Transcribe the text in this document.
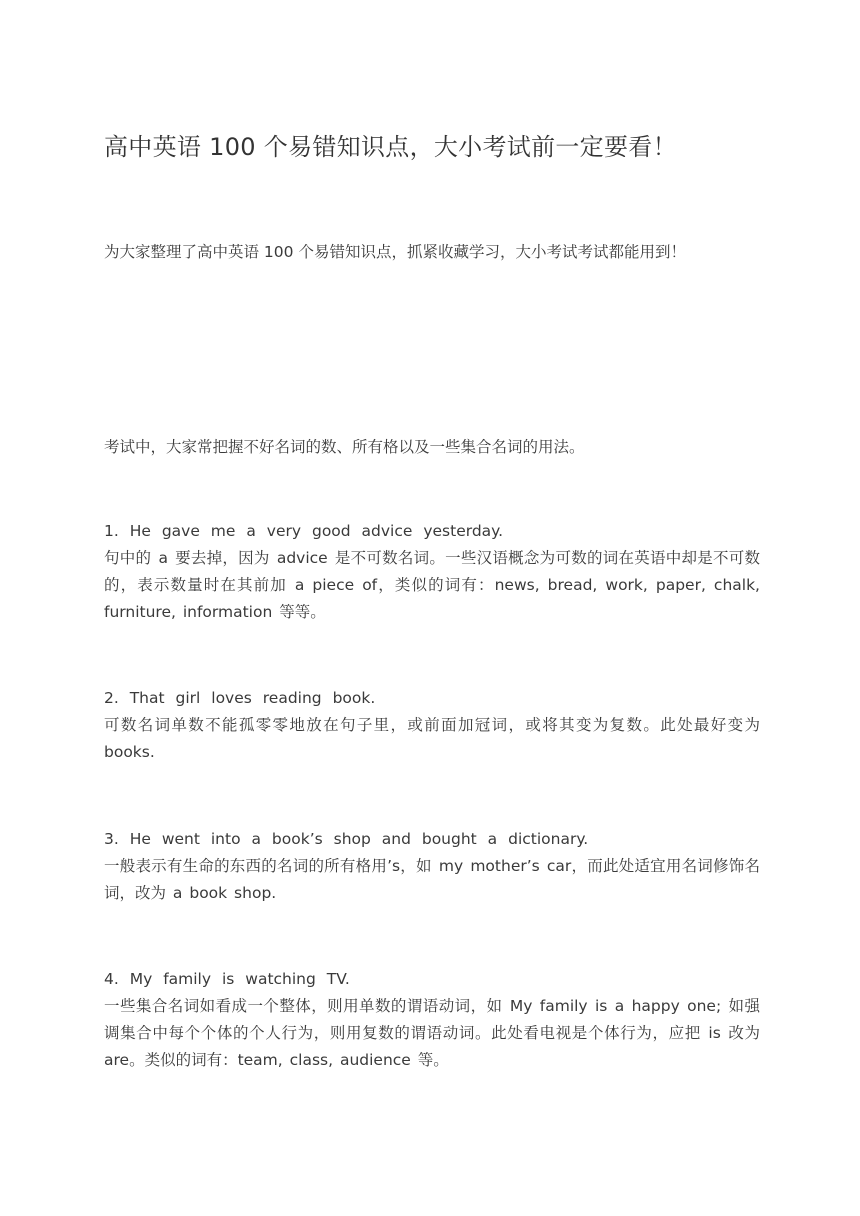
高中英语 100 个易错知识点，大小考试前一定要看！

为大家整理了高中英语 100 个易错知识点，抓紧收藏学习，大小考试考试都能用到！

考试中，大家常把握不好名词的数、所有格以及一些集合名词的用法。

1. He gave me a very good advice yesterday.

句中的 a 要去掉，因为 advice 是不可数名词。一些汉语概念为可数的词在英语中却是不可数的，表示数量时在其前加 a piece of，类似的词有：news, bread, work, paper, chalk, furniture, information 等等。

2. That girl loves reading book.

可数名词单数不能孤零零地放在句子里，或前面加冠词，或将其变为复数。此处最好变为 books.

3. He went into a book’s shop and bought a dictionary.

一般表示有生命的东西的名词的所有格用’s，如 my mother’s car，而此处适宜用名词修饰名词，改为 a book shop.

4. My family is watching TV.

一些集合名词如看成一个整体，则用单数的谓语动词，如 My family is a happy one; 如强调集合中每个个体的个人行为，则用复数的谓语动词。此处看电视是个体行为，应把 is 改为 are。类似的词有：team, class, audience 等。
